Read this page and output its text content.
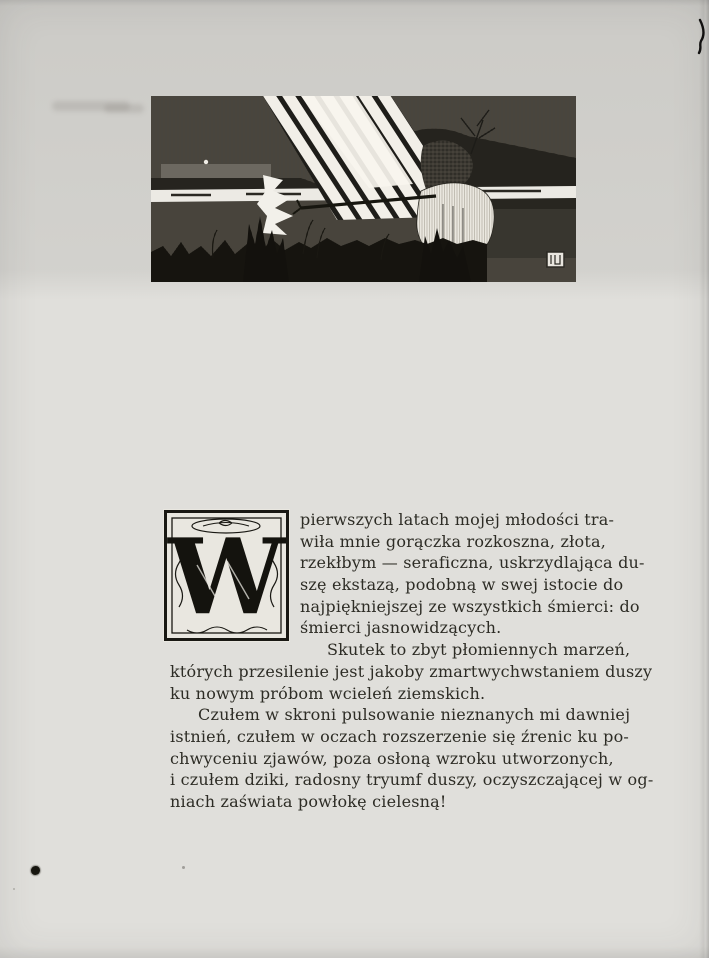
W pierwszych latach mojej młodości tra-
wiła mnie gorączka rozkoszna, złota,
rzekłbym — seraficzna, uskrzydlająca du-
szę ekstazą, podobną w swej istocie do
najpiękniejszej ze wszystkich śmierci: do
śmierci jasnowidzących.
Skutek to zbyt płomiennych marzeń,
których przesilenie jest jakoby zmartwychwstaniem duszy
ku nowym próbom wcieleń ziemskich.
Czułem w skroni pulsowanie nieznanych mi dawniej
istnień, czułem w oczach rozszerzenie się źrenic ku po-
chwyceniu zjawów, poza osłoną wzroku utworzonych,
i czułem dziki, radosny tryumf duszy, oczyszczającej w og-
niach zaświata powłokę cielesną!
